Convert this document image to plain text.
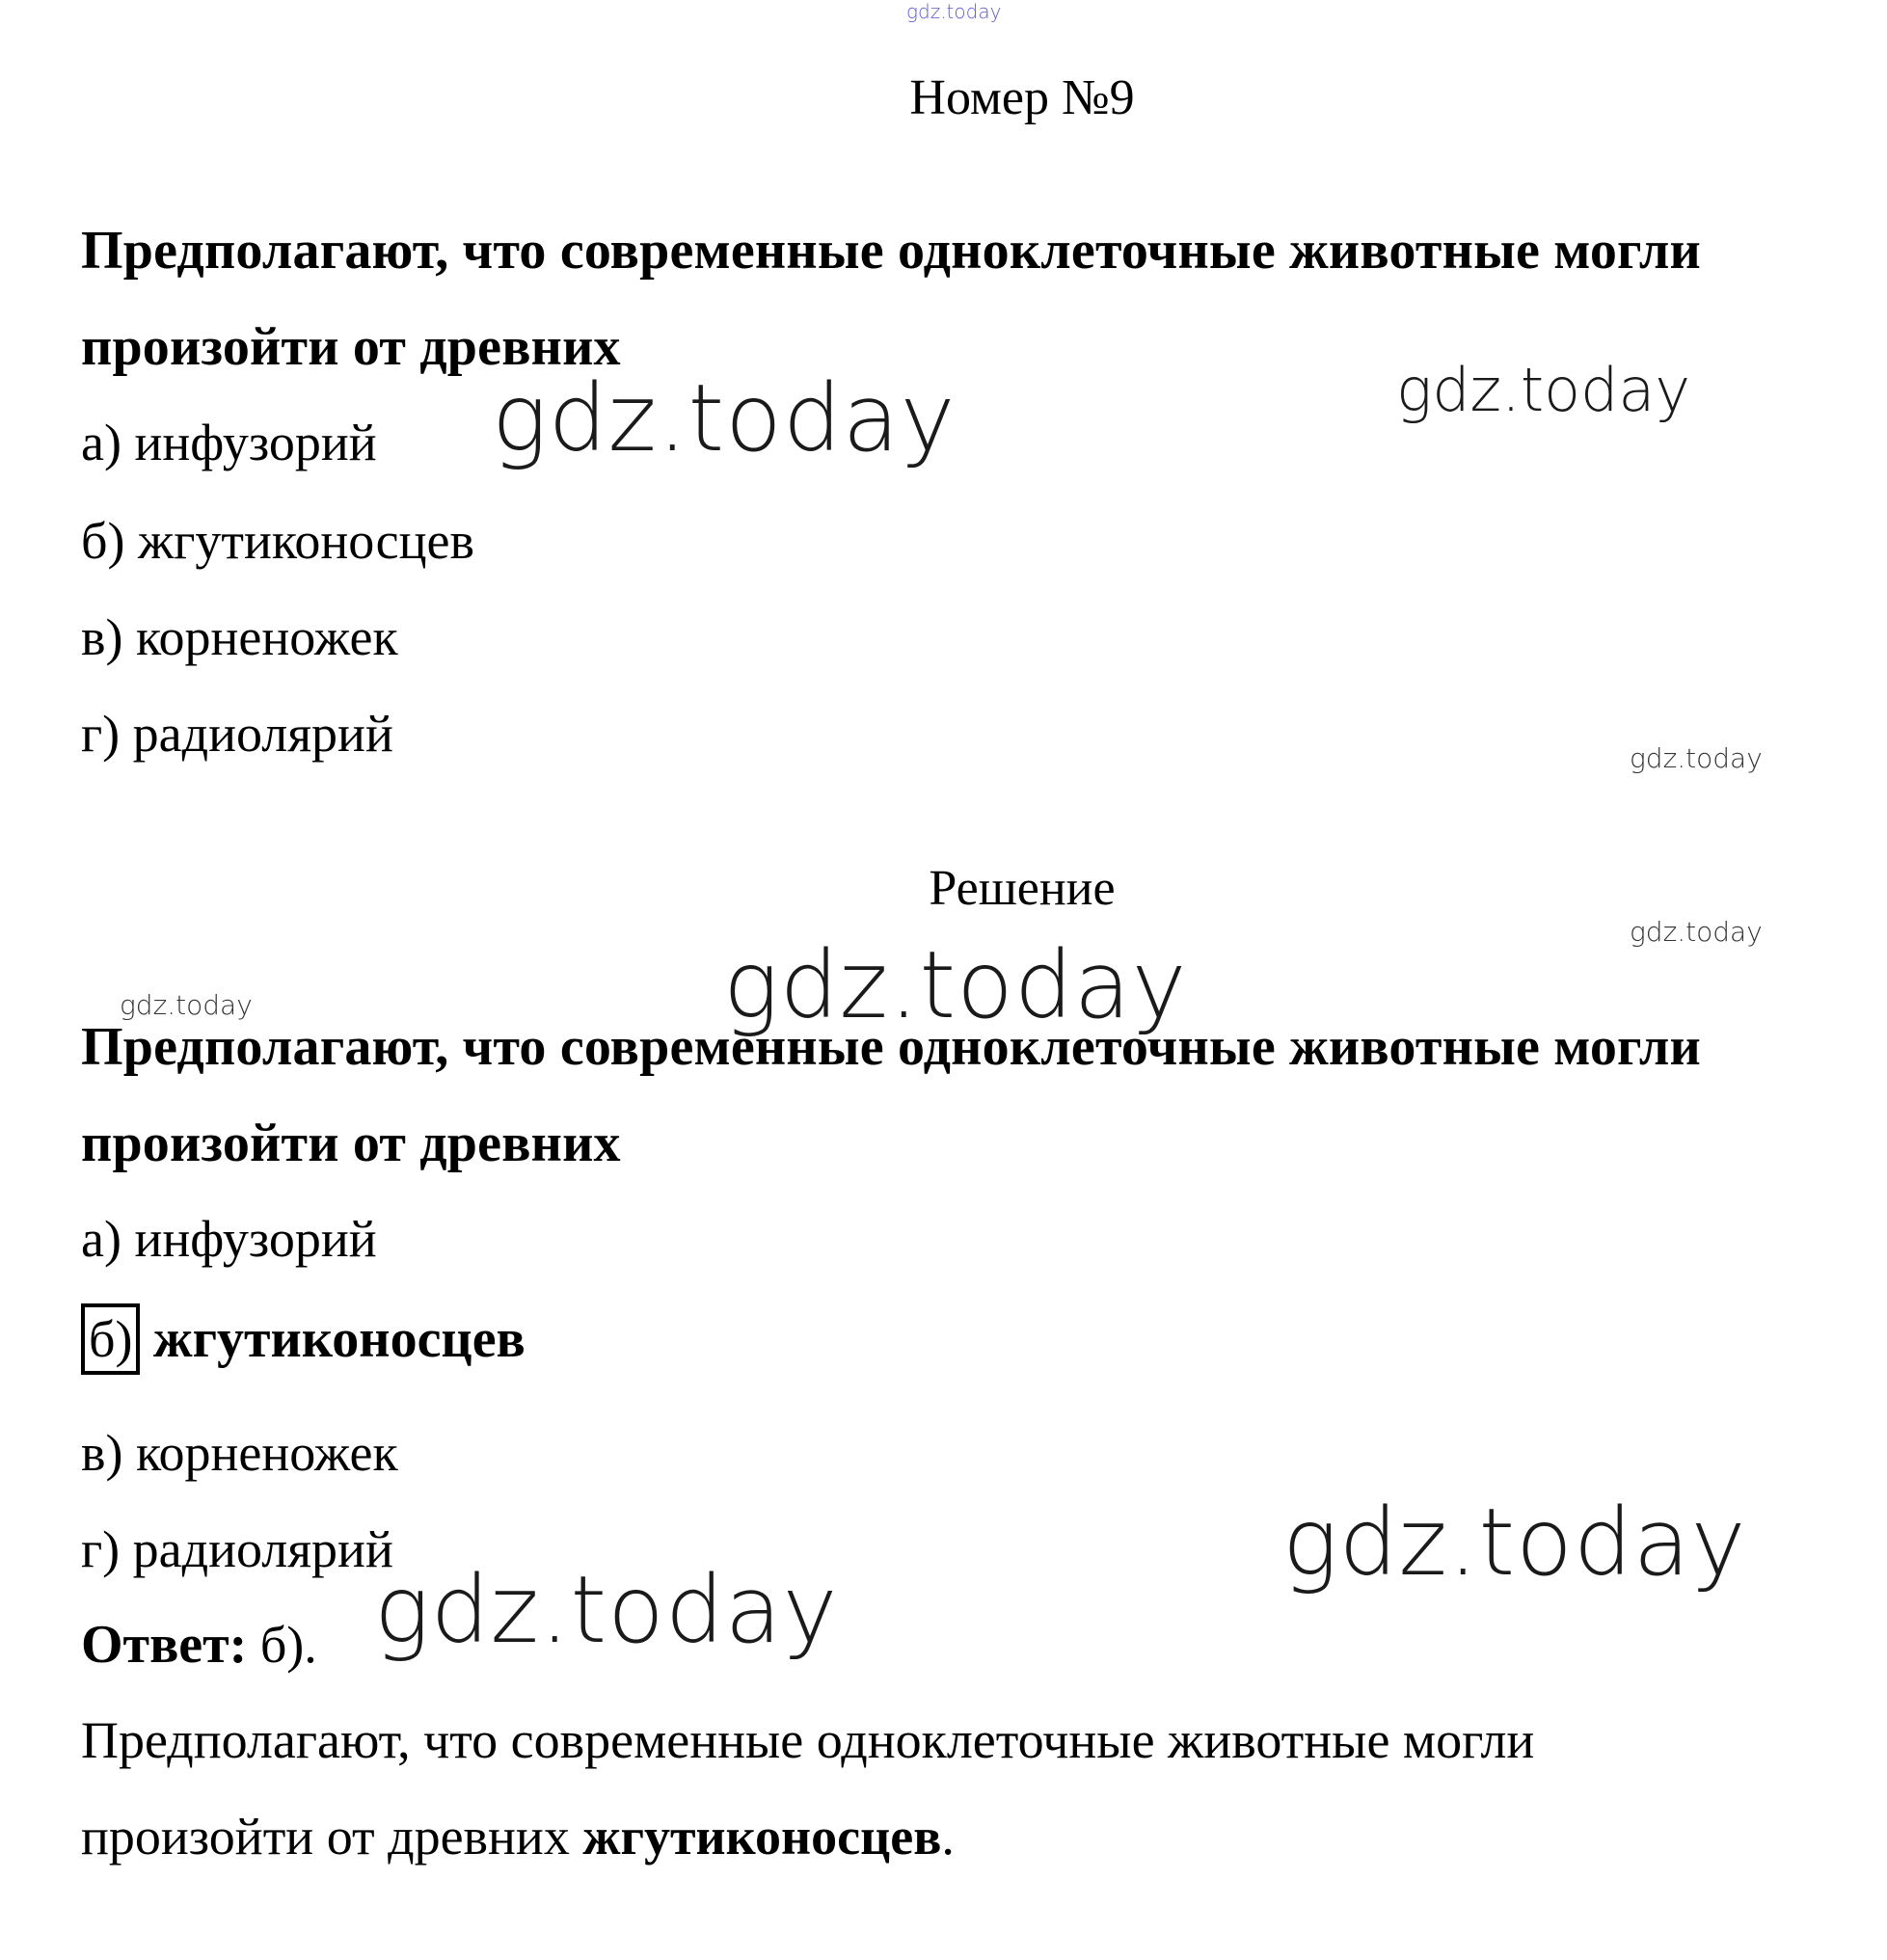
gdz.today
Номер №9
Предполагают, что современные одноклеточные животные могли
произойти от древних
а) инфузорий
б) жгутиконосцев
в) корненожек
г) радиолярий
gdz.today	gdz.today
gdz.today
Решение
gdz.today
gdz.today	gdz.today
Предполагают, что современные одноклеточные животные могли
произойти от древних
а) инфузорий
б) жгутиконосцев
в) корненожек
г) радиолярий	gdz.today
gdz.today
Ответ: б).
Предполагают, что современные одноклеточные животные могли
произойти от древних жгутиконосцев.
